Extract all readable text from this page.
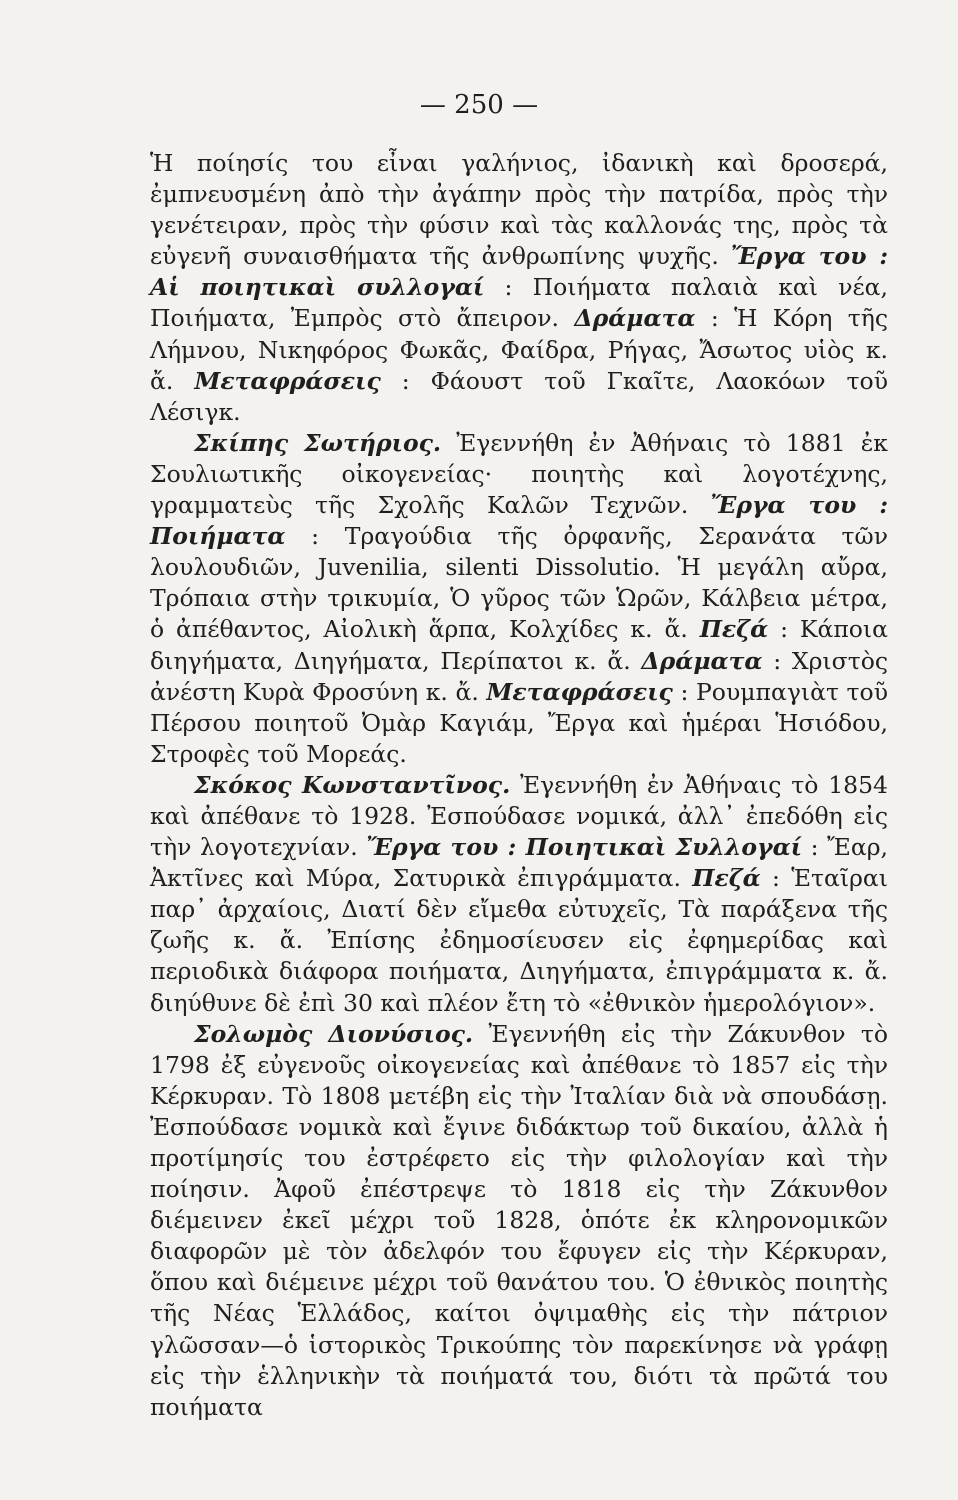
— 250 —

Ἡ ποίησίς του εἶναι γαλήνιος, ἰδανικὴ καὶ δροσερά, ἐμπνευσμένη ἀπὸ τὴν ἀγάπην πρὸς τὴν πατρίδα, πρὸς τὴν γενέτειραν, πρὸς τὴν φύσιν καὶ τὰς καλλονάς της, πρὸς τὰ εὐγενῆ συναισθήματα τῆς ἀνθρωπίνης ψυχῆς. Ἔργα του : Αἱ ποιητικαὶ συλλογαί : Ποιήματα παλαιὰ καὶ νέα, Ποιήματα, Ἐμπρὸς στὸ ἄπειρον. Δράματα : Ἡ Κόρη τῆς Λήμνου, Νικηφόρος Φωκᾶς, Φαίδρα, Ρήγας, Ἄσωτος υἱὸς κ. ἄ. Μεταφράσεις : Φάουστ τοῦ Γκαῖτε, Λαοκόων τοῦ Λέσιγκ.

Σκίπης Σωτήριος. Ἐγεννήθη ἐν Ἀθήναις τὸ 1881 ἐκ Σουλιωτικῆς οἰκογενείας· ποιητὴς καὶ λογοτέχνης, γραμματεὺς τῆς Σχολῆς Καλῶν Τεχνῶν. Ἔργα του : Ποιήματα : Τραγούδια τῆς ὀρφανῆς, Σερανάτα τῶν λουλουδιῶν, Juvenilia, silenti Dissolutio. Ἡ μεγάλη αὔρα, Τρόπαια στὴν τρικυμία, Ὁ γῦρος τῶν Ὡρῶν, Κάλβεια μέτρα, ὁ ἀπέθαντος, Αἰολικὴ ἅρπα, Κολχίδες κ. ἄ. Πεζά : Κάποια διηγήματα, Διηγήματα, Περίπατοι κ. ἄ. Δράματα : Χριστὸς ἀνέστη Κυρὰ Φροσύνη κ. ἄ. Μεταφράσεις : Ρουμπαγιὰτ τοῦ Πέρσου ποιητοῦ Ὀμὰρ Καγιάμ, Ἔργα καὶ ἡμέραι Ἡσιόδου, Στροφὲς τοῦ Μορεάς.

Σκόκος Κωνσταντῖνος. Ἐγεννήθη ἐν Ἀθήναις τὸ 1854 καὶ ἀπέθανε τὸ 1928. Ἐσπούδασε νομικά, ἀλλ᾽ ἐπεδόθη εἰς τὴν λογοτεχνίαν. Ἔργα του : Ποιητικαὶ Συλλογαί : Ἔαρ, Ἀκτῖνες καὶ Μύρα, Σατυρικὰ ἐπιγράμματα. Πεζά : Ἑταῖραι παρ᾽ ἀρχαίοις, Διατί δὲν εἴμεθα εὐτυχεῖς, Τὰ παράξενα τῆς ζωῆς κ. ἄ. Ἐπίσης ἐδημοσίευσεν εἰς ἐφημερίδας καὶ περιοδικὰ διάφορα ποιήματα, Διηγήματα, ἐπιγράμματα κ. ἄ. διηύθυνε δὲ ἐπὶ 30 καὶ πλέον ἔτη τὸ «ἐθνικὸν ἡμερολόγιον».

Σολωμὸς Διονύσιος. Ἐγεννήθη εἰς τὴν Ζάκυνθον τὸ 1798 ἐξ εὐγενοῦς οἰκογενείας καὶ ἀπέθανε τὸ 1857 εἰς τὴν Κέρκυραν. Τὸ 1808 μετέβη εἰς τὴν Ἰταλίαν διὰ νὰ σπουδάσῃ. Ἐσπούδασε νομικὰ καὶ ἔγινε διδάκτωρ τοῦ δικαίου, ἀλλὰ ἡ προτίμησίς του ἐστρέφετο εἰς τὴν φιλολογίαν καὶ τὴν ποίησιν. Ἀφοῦ ἐπέστρεψε τὸ 1818 εἰς τὴν Ζάκυνθον διέμεινεν ἐκεῖ μέχρι τοῦ 1828, ὁπότε ἐκ κληρονομικῶν διαφορῶν μὲ τὸν ἀδελφόν του ἔφυγεν εἰς τὴν Κέρκυραν, ὅπου καὶ διέμεινε μέχρι τοῦ θανάτου του. Ὁ ἐθνικὸς ποιητὴς τῆς Νέας Ἑλλάδος, καίτοι ὀψιμαθὴς εἰς τὴν πάτριον γλῶσσαν—ὁ ἱστορικὸς Τρικούπης τὸν παρεκίνησε νὰ γράφῃ εἰς τὴν ἑλληνικὴν τὰ ποιήματά του, διότι τὰ πρῶτά του ποιήματα
